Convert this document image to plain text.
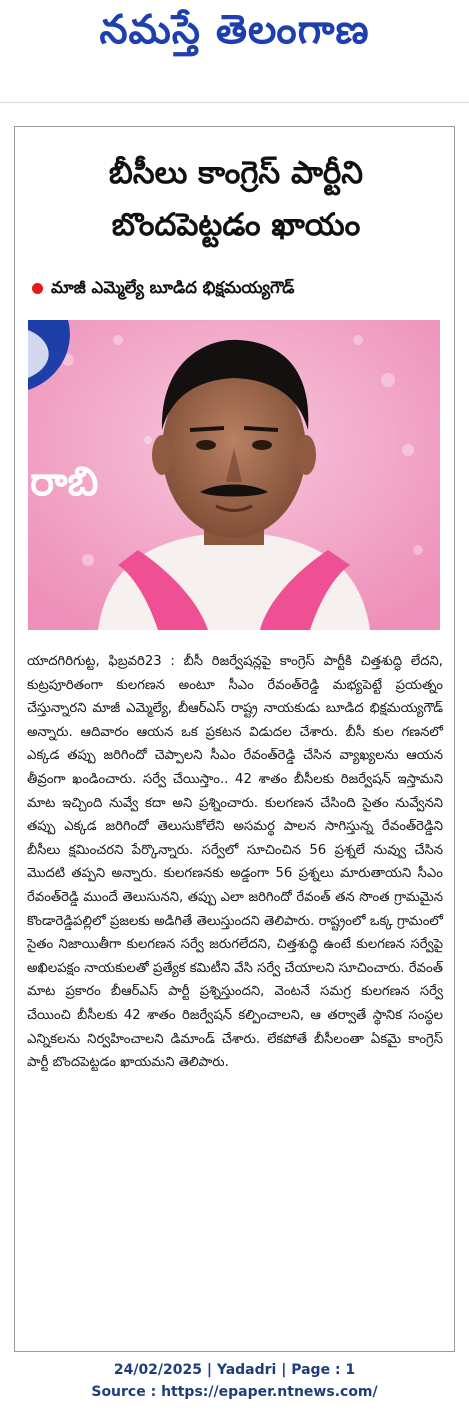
నమస్తే తెలంగాణ
బీసీలు కాంగ్రెస్ పార్టీని
బొందపెట్టడం ఖాయం
మాజీ ఎమ్మెల్యే బూడిద భిక్షమయ్యగౌడ్
రాబి
యాదగిరిగుట్ట, ఫిబ్రవరి23 : బీసీ రిజర్వేషన్లపై కాంగ్రెస్ పార్టీకి చిత్తశుద్ధి లేదని, కుట్రపూరితంగా కులగణన అంటూ సీఎం రేవంత్‌రెడ్డి మభ్యపెట్టే ప్రయత్నం చేస్తున్నారని మాజీ ఎమ్మెల్యే, బీఆర్‌ఎస్ రాష్ట్ర నాయకుడు బూడిద భిక్షమయ్యగౌడ్ అన్నారు. ఆదివారం ఆయన ఒక ప్రకటన విడుదల చేశారు. బీసీ కుల గణనలో ఎక్కడ తప్పు జరిగిందో చెప్పాలని సీఎం రేవంత్‌రెడ్డి చేసిన వ్యాఖ్యలను ఆయన తీవ్రంగా ఖండించారు. సర్వే చేయిస్తాం.. 42 శాతం బీసీలకు రిజర్వేషన్ ఇస్తామని మాట ఇచ్చింది నువ్వే కదా అని ప్రశ్నించారు. కులగణన చేసింది సైతం నువ్వేనని తప్పు ఎక్కడ జరిగిందో తెలుసుకోలేని అసమర్థ పాలన సాగిస్తున్న రేవంత్‌రెడ్డిని బీసీలు క్షమించరని పేర్కొన్నారు. సర్వేలో సూచించిన 56 ప్రశ్నలే నువ్వు చేసిన మొదటి తప్పని అన్నారు. కులగణనకు అడ్డంగా 56 ప్రశ్నలు మారుతాయని సీఎం రేవంత్‌రెడ్డి ముందే తెలుసునని, తప్పు ఎలా జరిగిందో రేవంత్ తన సొంత గ్రామమైన కొండారెడ్డిపల్లిలో ప్రజలకు అడిగితే తెలుస్తుందని తెలిపారు. రాష్ట్రంలో ఒక్క గ్రామంలో సైతం నిజాయితీగా కులగణన సర్వే జరుగలేదని, చిత్తశుద్ధి ఉంటే కులగణన సర్వేపై అఖిలపక్షం నాయకులతో ప్రత్యేక కమిటీని వేసి సర్వే చేయాలని సూచించారు. రేవంత్ మాట ప్రకారం బీఆర్‌ఎస్ పార్టీ ప్రశ్నిస్తుందని, వెంటనే సమగ్ర కులగణన సర్వే చేయించి బీసీలకు 42 శాతం రిజర్వేషన్ కల్పించాలని, ఆ తర్వాతే స్థానిక సంస్థల ఎన్నికలను నిర్వహించాలని డిమాండ్ చేశారు. లేకపోతే బీసీలంతా ఏకమై కాంగ్రెస్ పార్టీ బొందపెట్టడం ఖాయమని తెలిపారు.
24/02/2025 | Yadadri | Page : 1
Source : https://epaper.ntnews.com/
